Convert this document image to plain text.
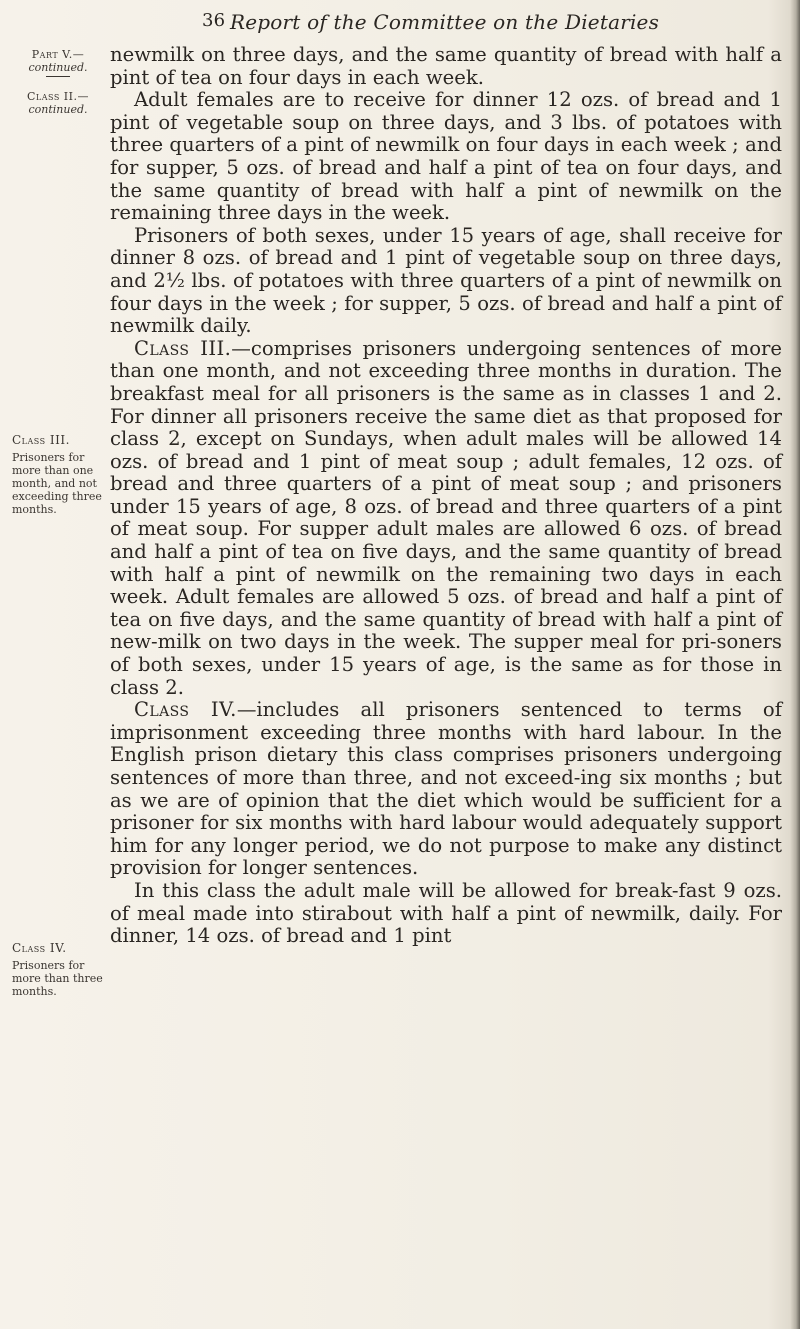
36 Report of the Committee on the Dietaries
Part V.—
continued.
Class II.—
continued.
Class III.
Prisoners for more than one month, and not exceeding three months.
Class IV.
Prisoners for more than three months.

newmilk on three days, and the same quantity of bread with half a pint of tea on four days in each week.

Adult females are to receive for dinner 12 ozs. of bread and 1 pint of vegetable soup on three days, and 3 lbs. of potatoes with three quarters of a pint of newmilk on four days in each week ; and for supper, 5 ozs. of bread and half a pint of tea on four days, and the same quantity of bread with half a pint of newmilk on the remaining three days in the week.

Prisoners of both sexes, under 15 years of age, shall receive for dinner 8 ozs. of bread and 1 pint of vegetable soup on three days, and 2½ lbs. of potatoes with three quarters of a pint of newmilk on four days in the week ; for supper, 5 ozs. of bread and half a pint of newmilk daily.

Class III.—comprises prisoners undergoing sentences of more than one month, and not exceeding three months in duration. The breakfast meal for all prisoners is the same as in classes 1 and 2. For dinner all prisoners receive the same diet as that proposed for class 2, except on Sundays, when adult males will be allowed 14 ozs. of bread and 1 pint of meat soup ; adult females, 12 ozs. of bread and three quarters of a pint of meat soup ; and prisoners under 15 years of age, 8 ozs. of bread and three quarters of a pint of meat soup. For supper adult males are allowed 6 ozs. of bread and half a pint of tea on five days, and the same quantity of bread with half a pint of newmilk on the remaining two days in each week. Adult females are allowed 5 ozs. of bread and half a pint of tea on five days, and the same quantity of bread with half a pint of new-milk on two days in the week. The supper meal for pri-soners of both sexes, under 15 years of age, is the same as for those in class 2.

Class IV.—includes all prisoners sentenced to terms of imprisonment exceeding three months with hard labour. In the English prison dietary this class comprises prisoners undergoing sentences of more than three, and not exceed-ing six months ; but as we are of opinion that the diet which would be sufficient for a prisoner for six months with hard labour would adequately support him for any longer period, we do not purpose to make any distinct provision for longer sentences.

In this class the adult male will be allowed for break-fast 9 ozs. of meal made into stirabout with half a pint of newmilk, daily. For dinner, 14 ozs. of bread and 1 pint
